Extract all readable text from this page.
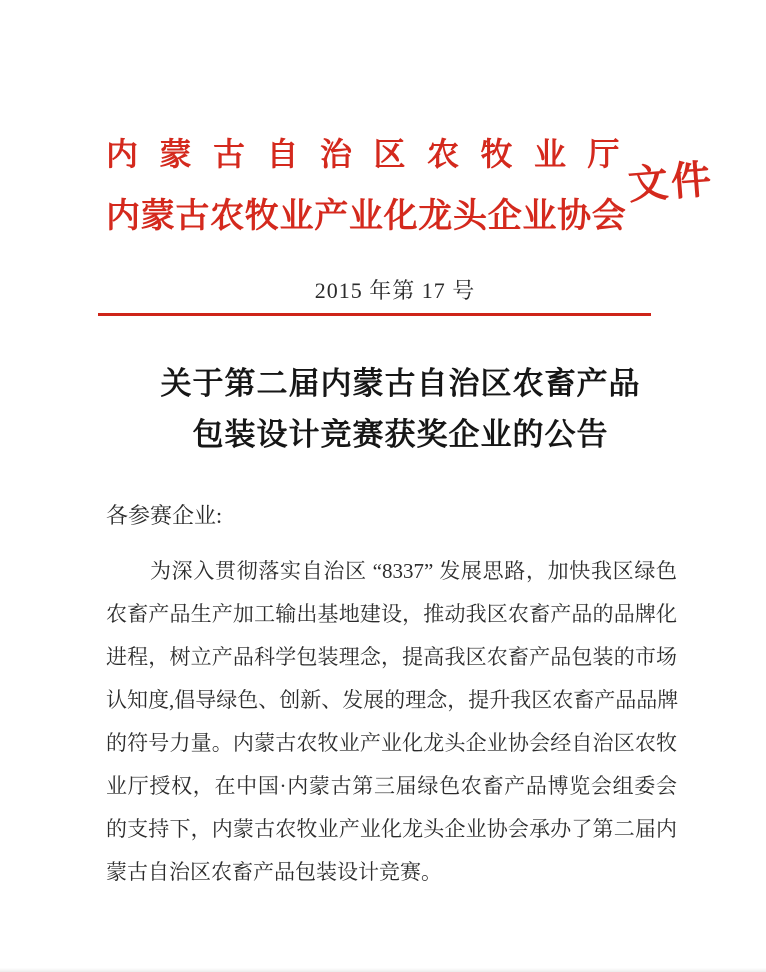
内蒙古自治区农牧业厅
内蒙古农牧业产业化龙头企业协会
文件
2015 年第 17 号
关于第二届内蒙古自治区农畜产品
包装设计竞赛获奖企业的公告
各参赛企业:
为深入贯彻落实自治区 “8337” 发展思路，加快我区绿色
农畜产品生产加工输出基地建设，推动我区农畜产品的品牌化
进程，树立产品科学包装理念，提高我区农畜产品包装的市场
认知度,倡导绿色、创新、发展的理念，提升我区农畜产品品牌
的符号力量。内蒙古农牧业产业化龙头企业协会经自治区农牧
业厅授权，在中国·内蒙古第三届绿色农畜产品博览会组委会
的支持下，内蒙古农牧业产业化龙头企业协会承办了第二届内
蒙古自治区农畜产品包装设计竞赛。
